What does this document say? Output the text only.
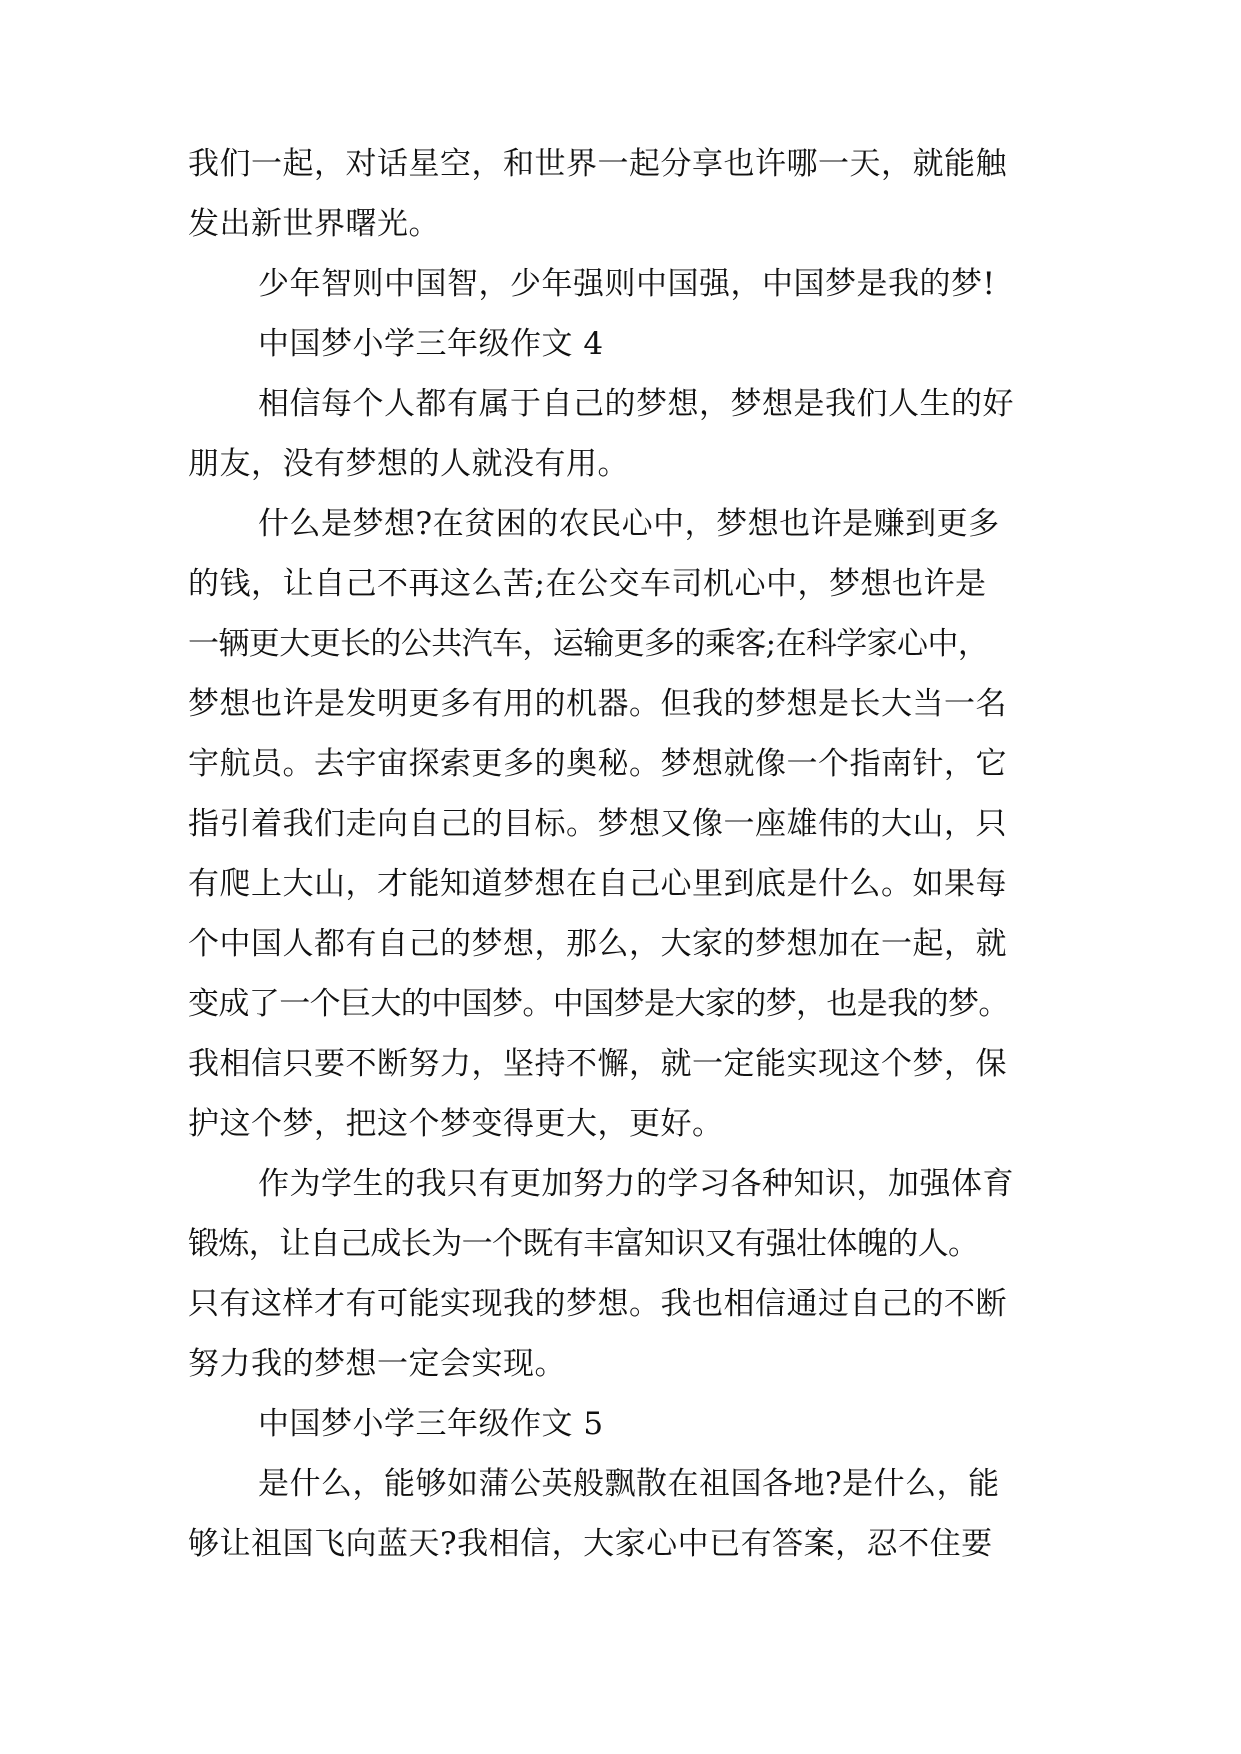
我们一起，对话星空，和世界一起分享也许哪一天，就能触
发出新世界曙光。
少年智则中国智，少年强则中国强，中国梦是我的梦!
中国梦小学三年级作文 4
相信每个人都有属于自己的梦想，梦想是我们人生的好
朋友，没有梦想的人就没有用。
什么是梦想?在贫困的农民心中，梦想也许是赚到更多
的钱，让自己不再这么苦;在公交车司机心中，梦想也许是
一辆更大更长的公共汽车，运输更多的乘客;在科学家心中，
梦想也许是发明更多有用的机器。但我的梦想是长大当一名
宇航员。去宇宙探索更多的奥秘。梦想就像一个指南针，它
指引着我们走向自己的目标。梦想又像一座雄伟的大山，只
有爬上大山，才能知道梦想在自己心里到底是什么。如果每
个中国人都有自己的梦想，那么，大家的梦想加在一起，就
变成了一个巨大的中国梦。中国梦是大家的梦，也是我的梦。
我相信只要不断努力，坚持不懈，就一定能实现这个梦，保
护这个梦，把这个梦变得更大，更好。
作为学生的我只有更加努力的学习各种知识，加强体育
锻炼，让自己成长为一个既有丰富知识又有强壮体魄的人。
只有这样才有可能实现我的梦想。我也相信通过自己的不断
努力我的梦想一定会实现。
中国梦小学三年级作文 5
是什么，能够如蒲公英般飘散在祖国各地?是什么，能
够让祖国飞向蓝天?我相信，大家心中已有答案，忍不住要
